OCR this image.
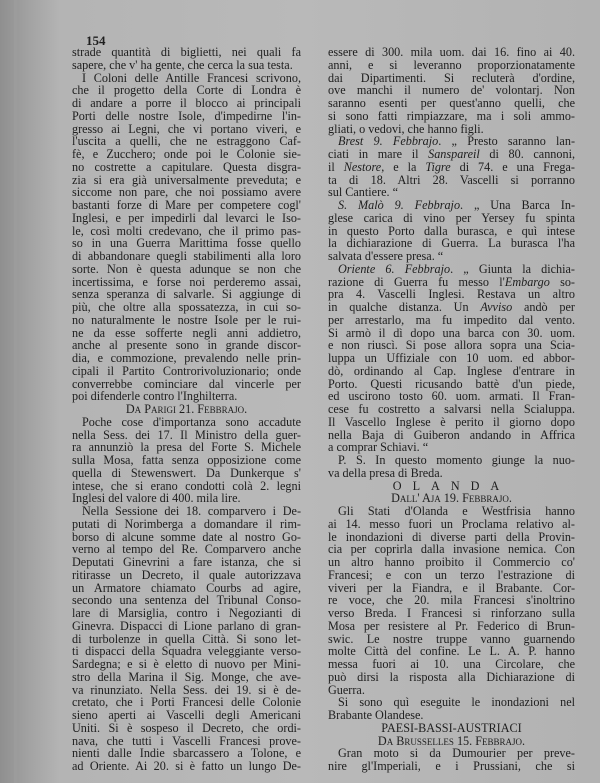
154
strade quantità di biglietti, nei quali fa
sapere, che v' ha gente, che cerca la sua testa.
I Coloni delle Antille Francesi scrivono,
che il progetto della Corte di Londra è
di andare a porre il blocco ai principali
Porti delle nostre Isole, d'impedirne l'in-
gresso ai Legni, che vi portano viveri, e
l'uscita a quelli, che ne estraggono Caf-
fè, e Zucchero; onde poi le Colonie sie-
no costrette a capitulare. Questa disgra-
zia si era già universalmente preveduta; e
siccome non pare, che noi possiamo avere
bastanti forze di Mare per competere cogl'
Inglesi, e per impedirli dal levarci le Iso-
le, così molti credevano, che il primo pas-
so in una Guerra Marittima fosse quello
di abbandonare quegli stabilimenti alla loro
sorte. Non è questa adunque se non che
incertissima, e forse noi perderemo assai,
senza speranza di salvarle. Si aggiunge di
più, che oltre alla spossatezza, in cui so-
no naturalmente le nostre Isole per le rui-
ne da esse sofferte negli anni addietro,
anche al presente sono in grande discor-
dia, e commozione, prevalendo nelle prin-
cipali il Partito Controrivoluzionario; onde
converrebbe cominciare dal vincerle per
poi difenderle contro l'Inghilterra.
Da Parigi 21. Febbrajo.
Poche cose d'importanza sono accadute
nella Sess. dei 17. Il Ministro della guer-
ra annunziò la presa del Forte S. Michele
sulla Mosa, fatta senza opposizione come
quella di Stewenswert. Da Dunkerque s'
intese, che si erano condotti colà 2. legni
Inglesi del valore di 400. mila lire.
Nella Sessione dei 18. comparvero i De-
putati di Norimberga a domandare il rim-
borso di alcune somme date al nostro Go-
verno al tempo del Re. Comparvero anche
Deputati Ginevrini a fare istanza, che si
ritirasse un Decreto, il quale autorizzava
un Armatore chiamato Courbs ad agire,
secondo una sentenza del Tribunal Conso-
lare di Marsiglia, contro i Negozianti di
Ginevra. Dispacci di Lione parlano di gran-
di turbolenze in quella Città. Si sono let-
ti dispacci della Squadra veleggiante verso-
Sardegna; e si è eletto di nuovo per Mini-
stro della Marina il Sig. Monge, che ave-
va rinunziato. Nella Sess. dei 19. si è de-
cretato, che i Porti Francesi delle Colonie
sieno aperti ai Vascelli degli Americani
Uniti. Si è sospeso il Decreto, che ordi-
nava, che tutti i Vascelli Francesi prove-
nienti dalle Indie sbarcassero a Tolone, e
ad Oriente. Ai 20. si è fatto un lungo De-
essere di 300. mila uom. dai 16. fino ai 40.
anni, e si leveranno proporzionatamente
dai Dipartimenti. Si recluterà d'ordine,
ove manchi il numero de' volontarj. Non
saranno esenti per quest'anno quelli, che
si sono fatti rimpiazzare, ma i soli ammo-
gliati, o vedovi, che hanno figli.
Brest 9. Febbrajo. „ Presto saranno lan-
ciati in mare il Sanspareil di 80. cannoni,
il Nestore, e la Tigre di 74. e una Frega-
ta di 18. Altri 28. Vascelli si porranno
sul Cantiere. “
S. Malò 9. Febbrajo. „ Una Barca In-
glese carica di vino per Yersey fu spinta
in questo Porto dalla burasca, e quì intese
la dichiarazione di Guerra. La burasca l'ha
salvata d'essere presa. “
Oriente 6. Febbrajo. „ Giunta la dichia-
razione di Guerra fu messo l'Embargo so-
pra 4. Vascelli Inglesi. Restava un altro
in qualche distanza. Un Avviso andò per
per arrestarlo, ma fu impedito dal vento.
Si armò il dì dopo una barca con 30. uom.
e non riuscì. Si pose allora sopra una Scia-
luppa un Uffiziale con 10 uom. ed abbor-
dò, ordinando al Cap. Inglese d'entrare in
Porto. Questi ricusando battè d'un piede,
ed uscirono tosto 60. uom. armati. Il Fran-
cese fu costretto a salvarsi nella Scialuppa.
Il Vascello Inglese è perito il giorno dopo
nella Baja di Guiberon andando in Affrica
a comprar Schiavi. “
P. S. In questo momento giunge la nuo-
va della presa di Breda.
OLANDA
Dall' Aja 19. Febbrajo.
Gli Stati d'Olanda e Westfrisia hanno
ai 14. messo fuori un Proclama relativo al-
le inondazioni di diverse parti della Provin-
cia per coprirla dalla invasione nemica. Con
un altro hanno proibito il Commercio co'
Francesi; e con un terzo l'estrazione di
viveri per la Fiandra, e il Brabante. Cor-
re voce, che 20. mila Francesi s'inoltrino
verso Breda. I Francesi si rinforzano sulla
Mosa per resistere al Pr. Federico di Brun-
swic. Le nostre truppe vanno guarnendo
molte Città del confine. Le L. A. P. hanno
messa fuori ai 10. una Circolare, che
può dirsi la risposta alla Dichiarazione di
Guerra.
Si sono quì eseguite le inondazioni nel
Brabante Olandese.
PAESI-BASSI-AUSTRIACI
Da Brusselles 15. Febbrajo.
Gran moto si da Dumourier per preve-
nire gl'Imperiali, e i Prussiani, che si
